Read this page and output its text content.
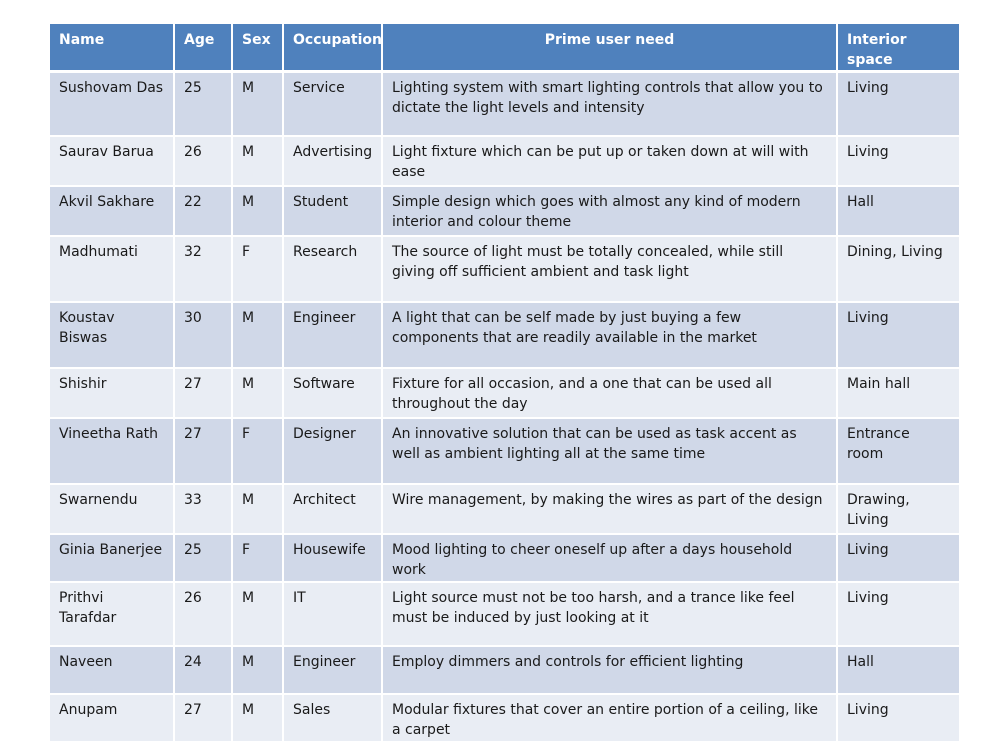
Name	Age	Sex	Occupation	Prime user need	Interior space
Sushovam Das	25	M	Service	Lighting system with smart lighting controls that allow you to dictate the light levels and intensity	Living
Saurav Barua	26	M	Advertising	Light fixture which can be put up or taken down at will with ease	Living
Akvil Sakhare	22	M	Student	Simple design which goes with almost any kind of modern interior and colour theme	Hall
Madhumati	32	F	Research	The source of light must be totally concealed, while still giving off sufficient ambient and task light	Dining, Living
Koustav Biswas	30	M	Engineer	A light that can be self made by just buying a few components that are readily available in the market	Living
Shishir	27	M	Software	Fixture for all occasion, and a one that can be used all throughout the day	Main hall
Vineetha Rath	27	F	Designer	An innovative solution that can be used as task accent as well as ambient lighting all at the same time	Entrance room
Swarnendu	33	M	Architect	Wire management, by making the wires as part of the design	Drawing, Living
Ginia Banerjee	25	F	Housewife	Mood lighting to cheer oneself up after a days household work	Living
Prithvi Tarafdar	26	M	IT	Light source must not be too harsh, and a trance like feel must be induced by just looking at it	Living
Naveen	24	M	Engineer	Employ dimmers and controls for efficient lighting	Hall
Anupam	27	M	Sales	Modular fixtures that cover an entire portion of a ceiling, like a carpet	Living
